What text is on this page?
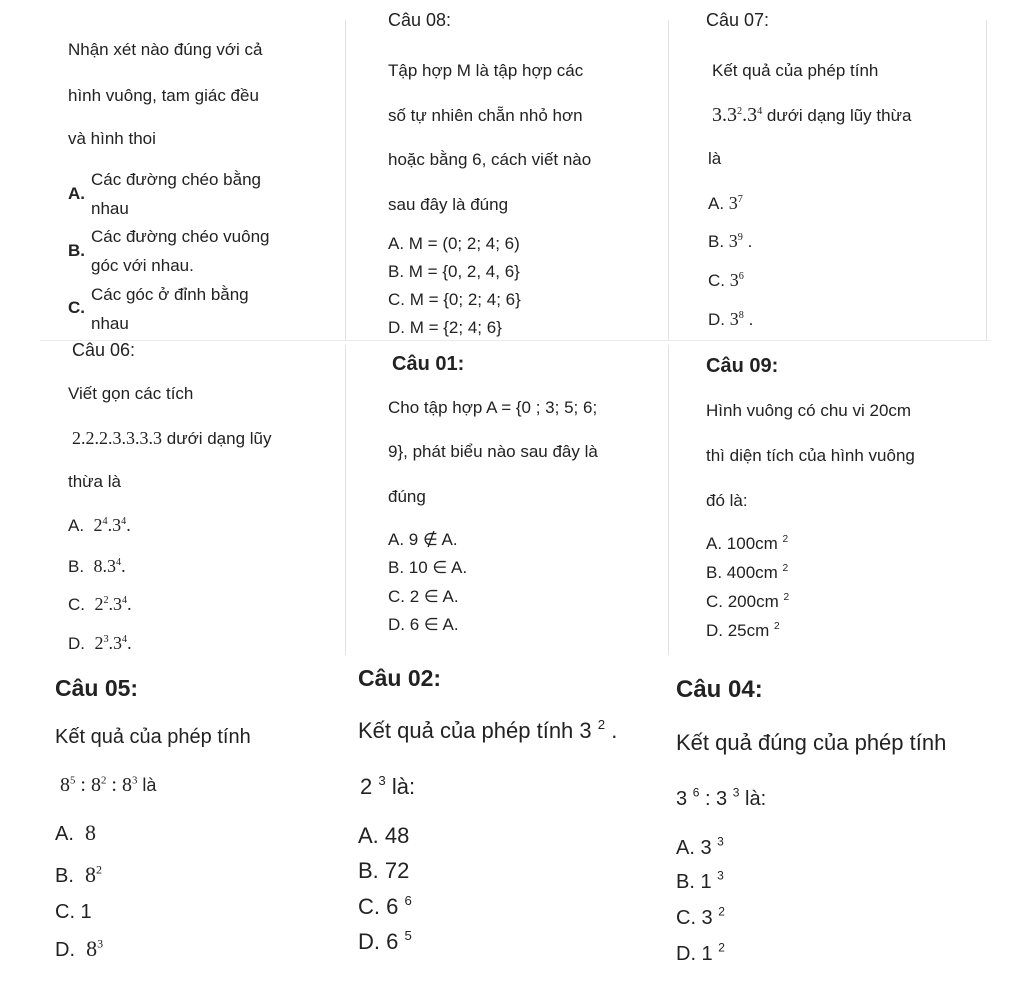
Nhận xét nào đúng với cả
hình vuông, tam giác đều
và hình thoi
A.
Các đường chéo bằng
nhau
B.
Các đường chéo vuông
góc với nhau.
C.
Các góc ở đỉnh bằng
nhau
Câu 08:
Tập hợp M là tập hợp các
số tự nhiên chẵn nhỏ hơn
hoặc bằng 6, cách viết nào
sau đây là đúng
A. M = (0; 2; 4; 6)
B. M = {0, 2, 4, 6}
C. M = {0; 2; 4; 6}
D. M = {2; 4; 6}
Câu 07:
Kết quả của phép tính
$3.3^2.3^4$ dưới dạng lũy thừa
là
A. $3^7$
B. $3^9$ .
C. $3^6$
D. $3^8$ .
Câu 06:
Viết gọn các tích
2.2.2.3.3.3.3 dưới dạng lũy
thừa là
A. $2^4.3^4$.
B. $8.3^4$.
C. $2^2.3^4$.
D. $2^3.3^4$.
Câu 01:
Cho tập hợp A = {0 ; 3; 5; 6;
9}, phát biểu nào sau đây là
đúng
A. 9 ∉ A.
B. 10 ∈ A.
C. 2 ∈ A.
D. 6 ∈ A.
Câu 09:
Hình vuông có chu vi 20cm
thì diện tích của hình vuông
đó là:
A. 100cm $^2$
B. 400cm $^2$
C. 200cm $^2$
D. 25cm $^2$
Câu 05:
Kết quả của phép tính
$8^5$ : $8^2$ : $8^3$ là
A. 8
B. $8^2$
C. 1
D. $8^3$
Câu 02:
Kết quả của phép tính 3 $^2$ .
2 $^3$ là:
A. 48
B. 72
C. 6 $^6$
D. 6 $^5$
Câu 04:
Kết quả đúng của phép tính
3 $^6$ : 3 $^3$ là:
A. 3 $^3$
B. 1 $^3$
C. 3 $^2$
D. 1 $^2$
